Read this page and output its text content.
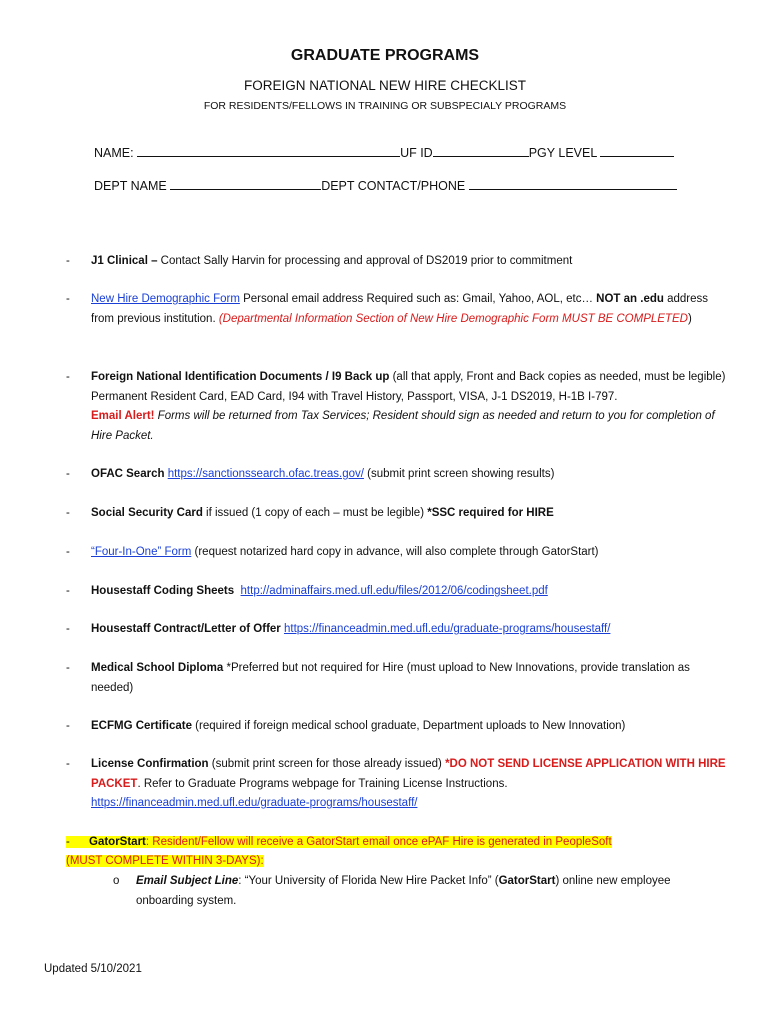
GRADUATE PROGRAMS
FOREIGN NATIONAL NEW HIRE CHECKLIST
FOR RESIDENTS/FELLOWS IN TRAINING OR SUBSPECIALY PROGRAMS
NAME:	UF ID	PGY LEVEL
DEPT NAME	DEPT CONTACT/PHONE
- J1 Clinical – Contact Sally Harvin for processing and approval of DS2019 prior to commitment
- New Hire Demographic Form Personal email address Required such as: Gmail, Yahoo, AOL, etc… NOT an .edu address from previous institution. (Departmental Information Section of New Hire Demographic Form MUST BE COMPLETED)
- Foreign National Identification Documents / I9 Back up (all that apply, Front and Back copies as needed, must be legible) Permanent Resident Card, EAD Card, I94 with Travel History, Passport, VISA, J-1 DS2019, H-1B I-797.
Email Alert! Forms will be returned from Tax Services; Resident should sign as needed and return to you for completion of Hire Packet.
- OFAC Search https://sanctionssearch.ofac.treas.gov/ (submit print screen showing results)
- Social Security Card if issued (1 copy of each – must be legible) *SSC required for HIRE
- “Four-In-One” Form (request notarized hard copy in advance, will also complete through GatorStart)
- Housestaff Coding Sheets http://adminaffairs.med.ufl.edu/files/2012/06/codingsheet.pdf
- Housestaff Contract/Letter of Offer https://financeadmin.med.ufl.edu/graduate-programs/housestaff/
- Medical School Diploma *Preferred but not required for Hire (must upload to New Innovations, provide translation as needed)
- ECFMG Certificate (required if foreign medical school graduate, Department uploads to New Innovation)
- License Confirmation (submit print screen for those already issued) *DO NOT SEND LICENSE APPLICATION WITH HIRE PACKET. Refer to Graduate Programs webpage for Training License Instructions.
https://financeadmin.med.ufl.edu/graduate-programs/housestaff/
- GatorStart: Resident/Fellow will receive a GatorStart email once ePAF Hire is generated in PeopleSoft
(MUST COMPLETE WITHIN 3-DAYS):
o Email Subject Line: “Your University of Florida New Hire Packet Info” (GatorStart) online new employee onboarding system.
Updated 5/10/2021
